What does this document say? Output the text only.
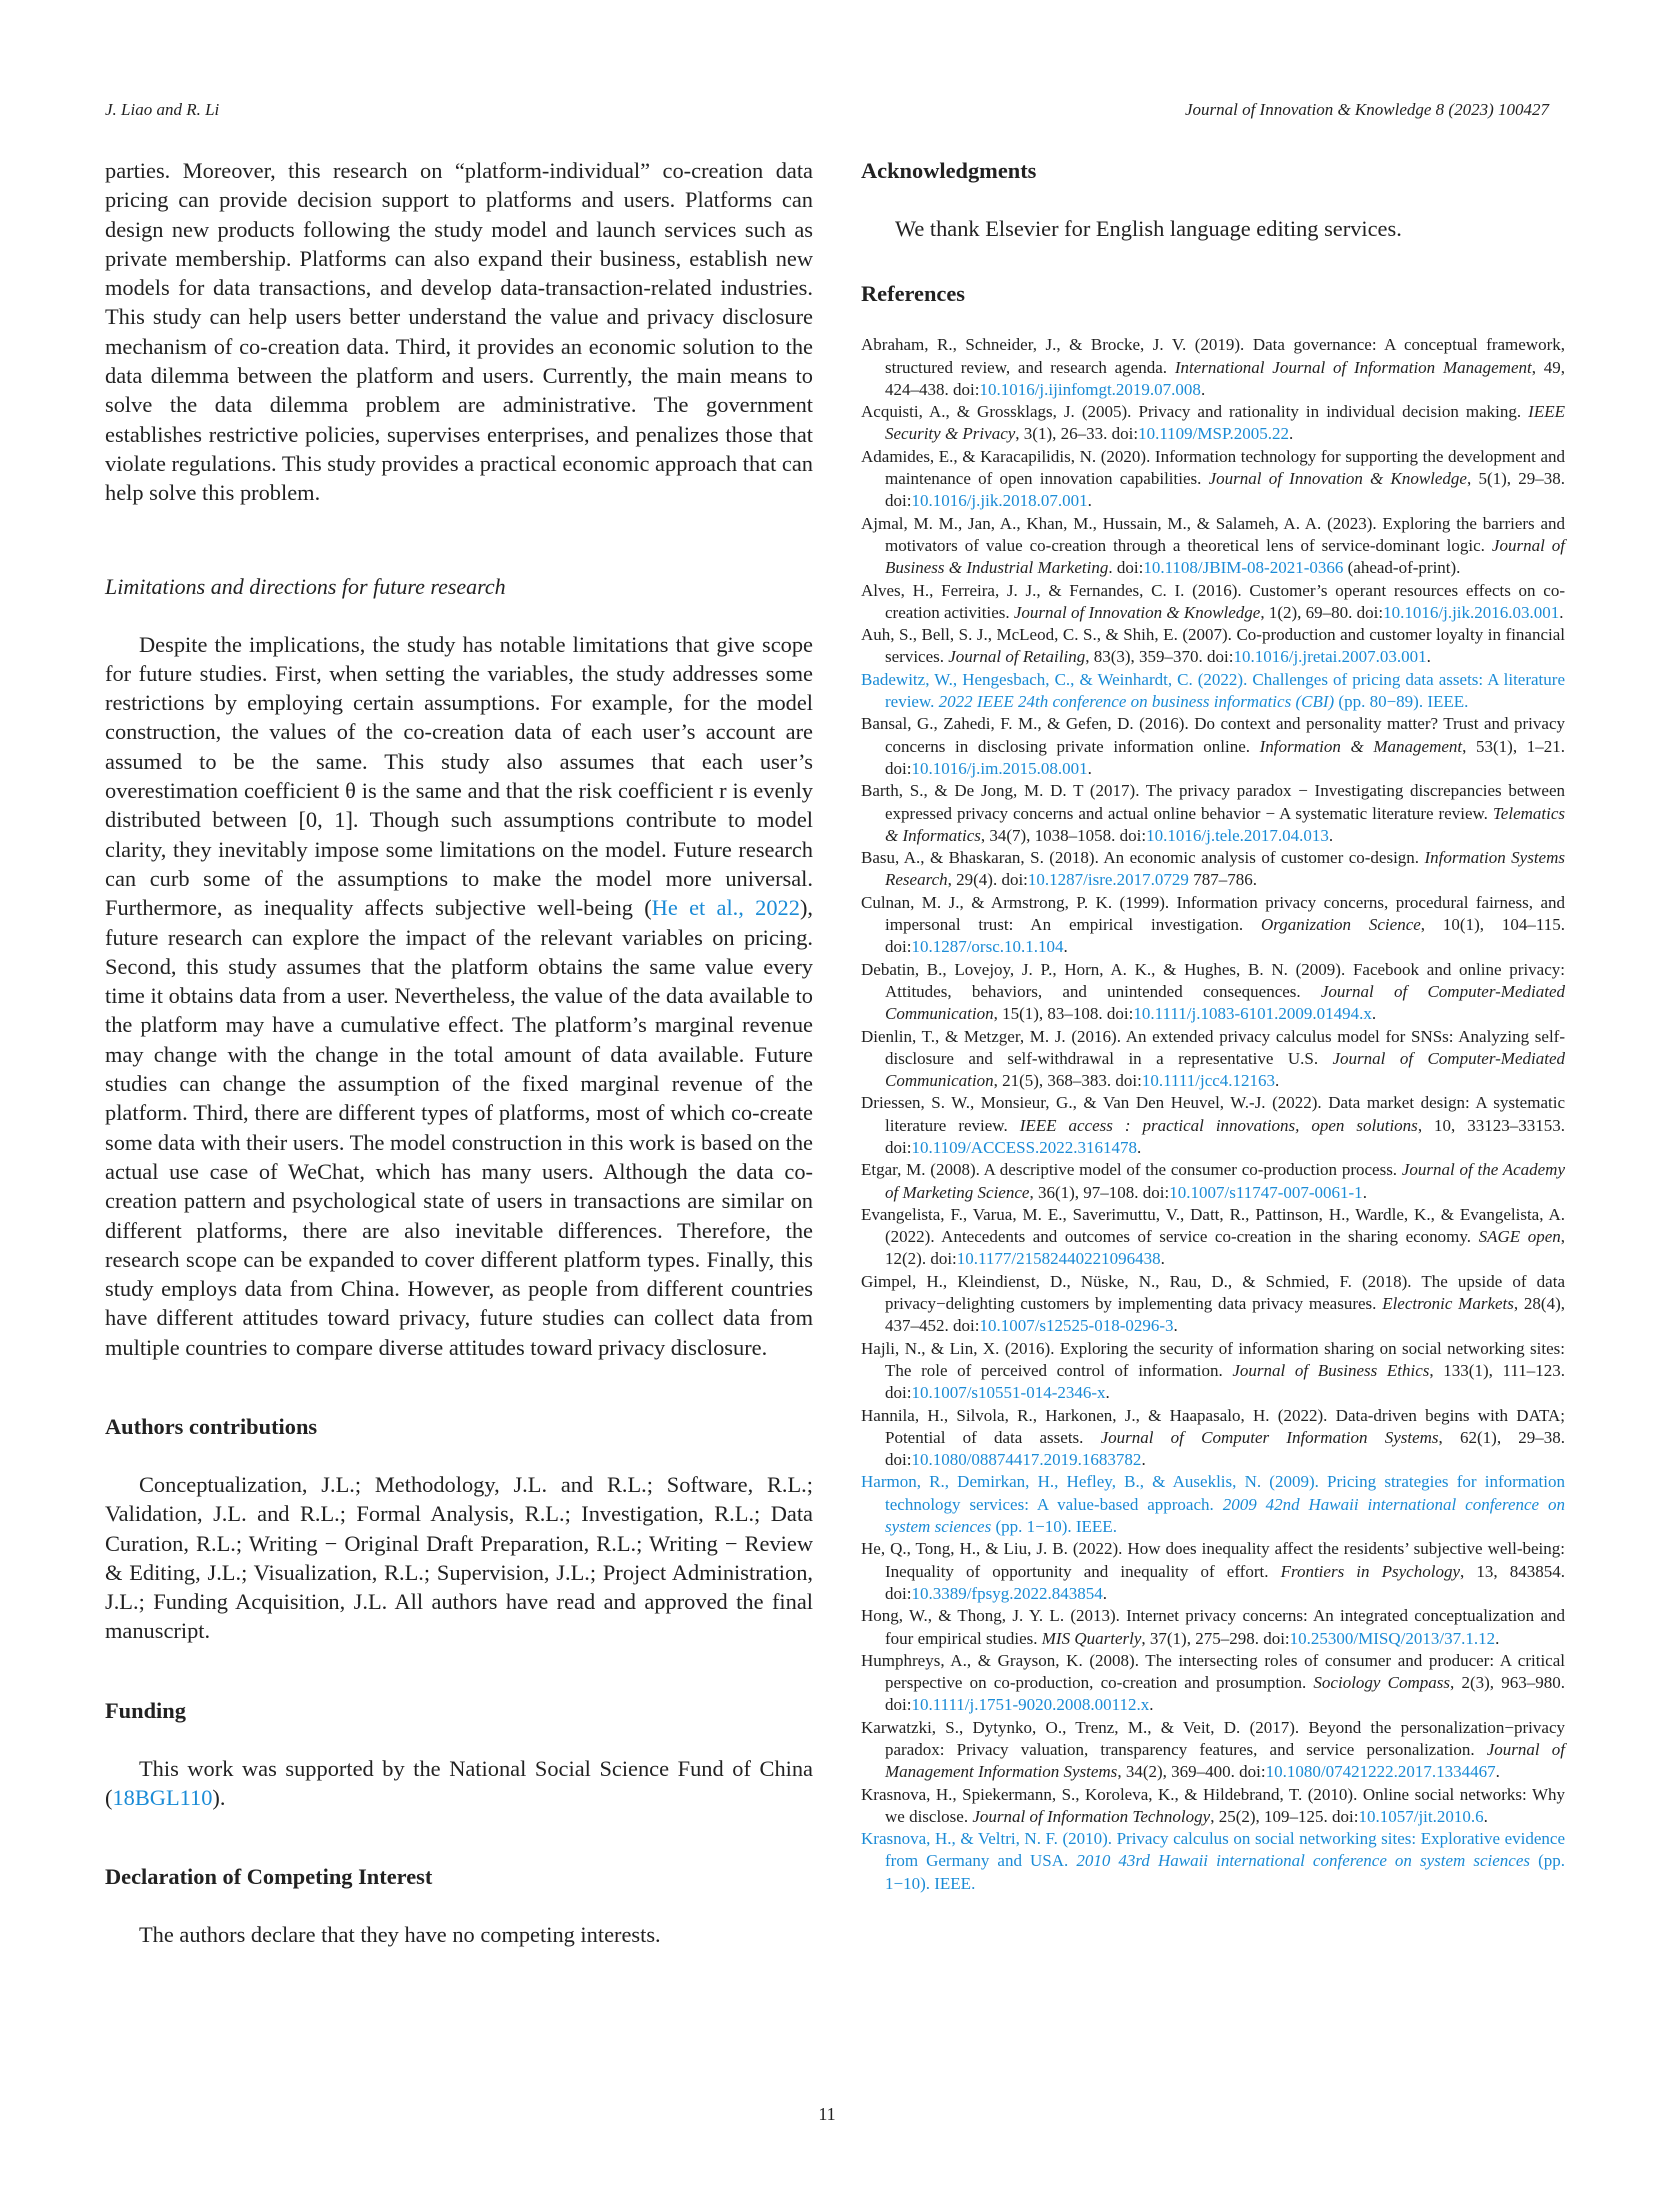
J. Liao and R. Li	Journal of Innovation & Knowledge 8 (2023) 100427

parties. Moreover, this research on “platform-individual” co-creation data pricing can provide decision support to platforms and users. Platforms can design new products following the study model and launch services such as private membership. Platforms can also expand their business, establish new models for data transactions, and develop data-transaction-related industries. This study can help users better understand the value and privacy disclosure mechanism of co-creation data. Third, it provides an economic solution to the data dilemma between the platform and users. Currently, the main means to solve the data dilemma problem are administrative. The government establishes restrictive policies, supervises enterprises, and penalizes those that violate regulations. This study provides a practical economic approach that can help solve this problem.

Limitations and directions for future research

Despite the implications, the study has notable limitations that give scope for future studies. First, when setting the variables, the study addresses some restrictions by employing certain assumptions. For example, for the model construction, the values of the co-creation data of each user’s account are assumed to be the same. This study also assumes that each user’s overestimation coefficient θ is the same and that the risk coefficient r is evenly distributed between [0, 1]. Though such assumptions contribute to model clarity, they inevitably impose some limitations on the model. Future research can curb some of the assumptions to make the model more universal. Furthermore, as inequality affects subjective well-being (He et al., 2022), future research can explore the impact of the relevant variables on pricing. Second, this study assumes that the platform obtains the same value every time it obtains data from a user. Nevertheless, the value of the data available to the platform may have a cumulative effect. The platform’s marginal revenue may change with the change in the total amount of data available. Future studies can change the assumption of the fixed marginal revenue of the platform. Third, there are different types of platforms, most of which co-create some data with their users. The model construction in this work is based on the actual use case of WeChat, which has many users. Although the data co-creation pattern and psychological state of users in transactions are similar on different platforms, there are also inevitable differences. Therefore, the research scope can be expanded to cover different platform types. Finally, this study employs data from China. However, as people from different countries have different attitudes toward privacy, future studies can collect data from multiple countries to compare diverse attitudes toward privacy disclosure.

Authors contributions

Conceptualization, J.L.; Methodology, J.L. and R.L.; Software, R.L.; Validation, J.L. and R.L.; Formal Analysis, R.L.; Investigation, R.L.; Data Curation, R.L.; Writing − Original Draft Preparation, R.L.; Writing − Review & Editing, J.L.; Visualization, R.L.; Supervision, J.L.; Project Administration, J.L.; Funding Acquisition, J.L. All authors have read and approved the final manuscript.

Funding

This work was supported by the National Social Science Fund of China (18BGL110).

Declaration of Competing Interest

The authors declare that they have no competing interests.

Acknowledgments

We thank Elsevier for English language editing services.

References

Abraham, R., Schneider, J., & Brocke, J. V. (2019). Data governance: A conceptual framework, structured review, and research agenda. International Journal of Information Management, 49, 424–438. doi:10.1016/j.ijinfomgt.2019.07.008.

Acquisti, A., & Grossklags, J. (2005). Privacy and rationality in individual decision making. IEEE Security & Privacy, 3(1), 26–33. doi:10.1109/MSP.2005.22.

Adamides, E., & Karacapilidis, N. (2020). Information technology for supporting the development and maintenance of open innovation capabilities. Journal of Innovation & Knowledge, 5(1), 29–38. doi:10.1016/j.jik.2018.07.001.

Ajmal, M. M., Jan, A., Khan, M., Hussain, M., & Salameh, A. A. (2023). Exploring the barriers and motivators of value co-creation through a theoretical lens of service-dominant logic. Journal of Business & Industrial Marketing. doi:10.1108/JBIM-08-2021-0366 (ahead-of-print).

Alves, H., Ferreira, J. J., & Fernandes, C. I. (2016). Customer’s operant resources effects on co-creation activities. Journal of Innovation & Knowledge, 1(2), 69–80. doi:10.1016/j.jik.2016.03.001.

Auh, S., Bell, S. J., McLeod, C. S., & Shih, E. (2007). Co-production and customer loyalty in financial services. Journal of Retailing, 83(3), 359–370. doi:10.1016/j.jretai.2007.03.001.

Badewitz, W., Hengesbach, C., & Weinhardt, C. (2022). Challenges of pricing data assets: A literature review. 2022 IEEE 24th conference on business informatics (CBI) (pp. 80−89). IEEE.

Bansal, G., Zahedi, F. M., & Gefen, D. (2016). Do context and personality matter? Trust and privacy concerns in disclosing private information online. Information & Management, 53(1), 1–21. doi:10.1016/j.im.2015.08.001.

Barth, S., & De Jong, M. D. T (2017). The privacy paradox − Investigating discrepancies between expressed privacy concerns and actual online behavior − A systematic literature review. Telematics & Informatics, 34(7), 1038–1058. doi:10.1016/j.tele.2017.04.013.

Basu, A., & Bhaskaran, S. (2018). An economic analysis of customer co-design. Information Systems Research, 29(4). doi:10.1287/isre.2017.0729 787–786.

Culnan, M. J., & Armstrong, P. K. (1999). Information privacy concerns, procedural fairness, and impersonal trust: An empirical investigation. Organization Science, 10(1), 104–115. doi:10.1287/orsc.10.1.104.

Debatin, B., Lovejoy, J. P., Horn, A. K., & Hughes, B. N. (2009). Facebook and online privacy: Attitudes, behaviors, and unintended consequences. Journal of Computer-Mediated Communication, 15(1), 83–108. doi:10.1111/j.1083-6101.2009.01494.x.

Dienlin, T., & Metzger, M. J. (2016). An extended privacy calculus model for SNSs: Analyzing self-disclosure and self-withdrawal in a representative U.S. Journal of Computer-Mediated Communication, 21(5), 368–383. doi:10.1111/jcc4.12163.

Driessen, S. W., Monsieur, G., & Van Den Heuvel, W.-J. (2022). Data market design: A systematic literature review. IEEE access : practical innovations, open solutions, 10, 33123–33153. doi:10.1109/ACCESS.2022.3161478.

Etgar, M. (2008). A descriptive model of the consumer co-production process. Journal of the Academy of Marketing Science, 36(1), 97–108. doi:10.1007/s11747-007-0061-1.

Evangelista, F., Varua, M. E., Saverimuttu, V., Datt, R., Pattinson, H., Wardle, K., & Evangelista, A. (2022). Antecedents and outcomes of service co-creation in the sharing economy. SAGE open, 12(2). doi:10.1177/21582440221096438.

Gimpel, H., Kleindienst, D., Nüske, N., Rau, D., & Schmied, F. (2018). The upside of data privacy−delighting customers by implementing data privacy measures. Electronic Markets, 28(4), 437–452. doi:10.1007/s12525-018-0296-3.

Hajli, N., & Lin, X. (2016). Exploring the security of information sharing on social networking sites: The role of perceived control of information. Journal of Business Ethics, 133(1), 111–123. doi:10.1007/s10551-014-2346-x.

Hannila, H., Silvola, R., Harkonen, J., & Haapasalo, H. (2022). Data-driven begins with DATA; Potential of data assets. Journal of Computer Information Systems, 62(1), 29–38. doi:10.1080/08874417.2019.1683782.

Harmon, R., Demirkan, H., Hefley, B., & Auseklis, N. (2009). Pricing strategies for information technology services: A value-based approach. 2009 42nd Hawaii international conference on system sciences (pp. 1−10). IEEE.

He, Q., Tong, H., & Liu, J. B. (2022). How does inequality affect the residents’ subjective well-being: Inequality of opportunity and inequality of effort. Frontiers in Psychology, 13, 843854. doi:10.3389/fpsyg.2022.843854.

Hong, W., & Thong, J. Y. L. (2013). Internet privacy concerns: An integrated conceptualization and four empirical studies. MIS Quarterly, 37(1), 275–298. doi:10.25300/MISQ/2013/37.1.12.

Humphreys, A., & Grayson, K. (2008). The intersecting roles of consumer and producer: A critical perspective on co-production, co-creation and prosumption. Sociology Compass, 2(3), 963–980. doi:10.1111/j.1751-9020.2008.00112.x.

Karwatzki, S., Dytynko, O., Trenz, M., & Veit, D. (2017). Beyond the personalization−privacy paradox: Privacy valuation, transparency features, and service personalization. Journal of Management Information Systems, 34(2), 369–400. doi:10.1080/07421222.2017.1334467.

Krasnova, H., Spiekermann, S., Koroleva, K., & Hildebrand, T. (2010). Online social networks: Why we disclose. Journal of Information Technology, 25(2), 109–125. doi:10.1057/jit.2010.6.

Krasnova, H., & Veltri, N. F. (2010). Privacy calculus on social networking sites: Explorative evidence from Germany and USA. 2010 43rd Hawaii international conference on system sciences (pp. 1−10). IEEE.

11
